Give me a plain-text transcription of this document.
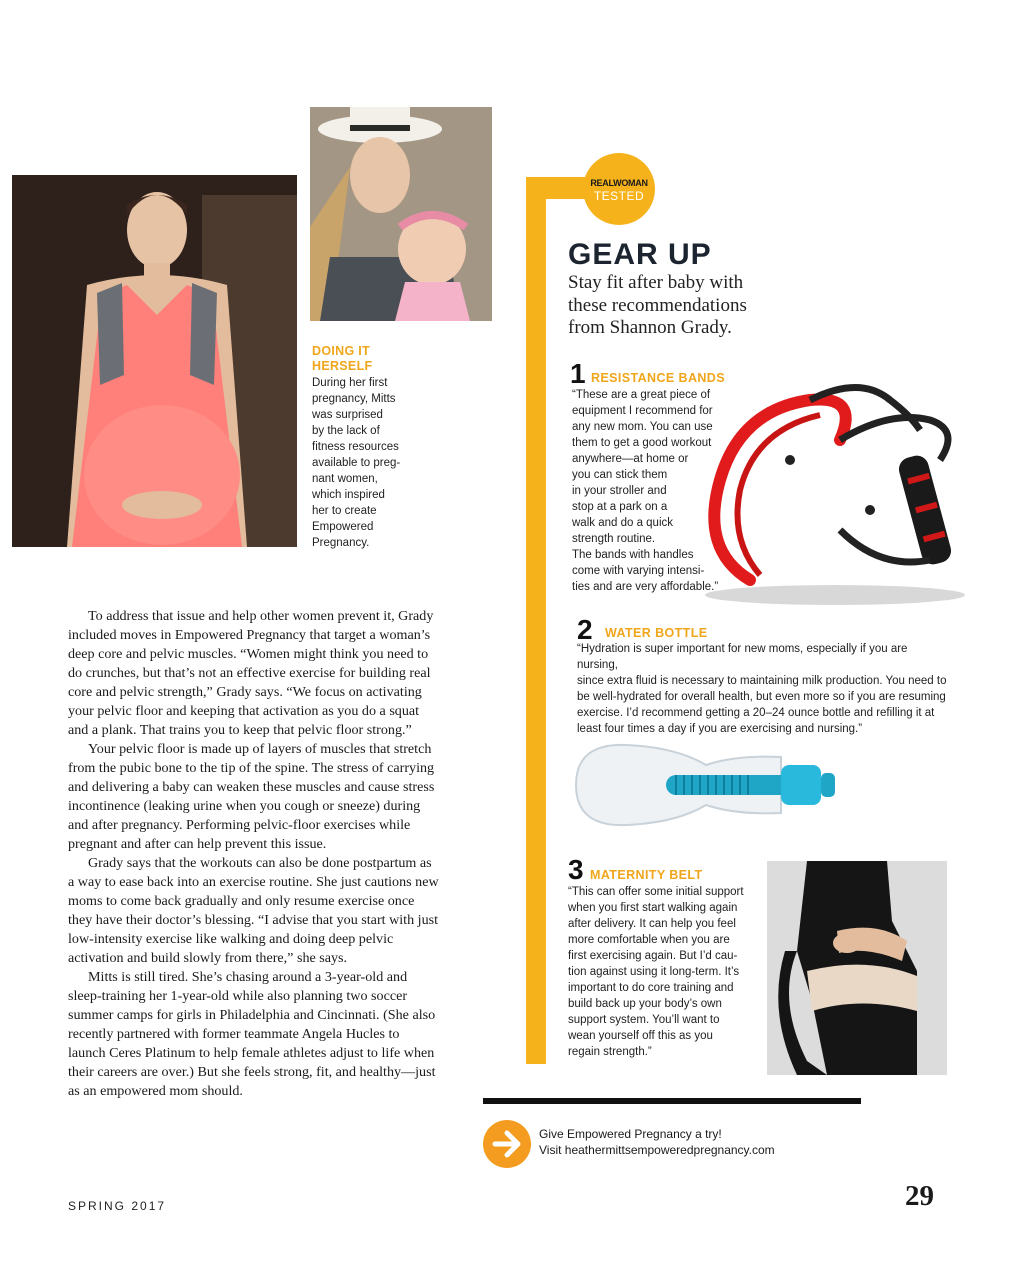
DOING IT
HERSELF
During her first
pregnancy, Mitts
was surprised
by the lack of
fitness resources
available to preg-
nant women,
which inspired
her to create
Empowered
Pregnancy.

To address that issue and help other women prevent it, Grady included moves in Empowered Pregnancy that target a woman’s deep core and pelvic muscles. “Women might think you need to do crunches, but that’s not an effective exercise for building real core and pelvic strength,” Grady says. “We focus on activating your pelvic floor and keeping that activation as you do a squat and a plank. That trains you to keep that pelvic floor strong.”

Your pelvic floor is made up of layers of muscles that stretch from the pubic bone to the tip of the spine. The stress of carrying and delivering a baby can weaken these muscles and cause stress incontinence (leaking urine when you cough or sneeze) during and after pregnancy. Performing pelvic-floor exercises while pregnant and after can help prevent this issue.

Grady says that the workouts can also be done postpartum as a way to ease back into an exercise routine. She just cautions new moms to come back gradually and only resume exercise once they have their doctor’s blessing. “I advise that you start with just low-intensity exercise like walking and doing deep pelvic activation and build slowly from there,” she says.

Mitts is still tired. She’s chasing around a 3-year-old and sleep-training her 1-year-old while also planning two soccer summer camps for girls in Philadelphia and Cincinnati. (She also recently partnered with former teammate Angela Hucles to launch Ceres Platinum to help female athletes adjust to life when their careers are over.) But she feels strong, fit, and healthy—just as an empowered mom should.

SPRING 2017	29
REALWOMAN
TESTED
GEAR UP
Stay fit after baby with
these recommendations
from Shannon Grady.
1 RESISTANCE BANDS
“These are a great piece of
equipment I recommend for
any new mom. You can use
them to get a good workout
anywhere—at home or
you can stick them
in your stroller and
stop at a park on a
walk and do a quick
strength routine.
The bands with handles
come with varying intensi-
ties and are very affordable.”
2 WATER BOTTLE
“Hydration is super important for new moms, especially if you are nursing,
since extra fluid is necessary to maintaining milk production. You need to
be well-hydrated for overall health, but even more so if you are resuming
exercise. I’d recommend getting a 20–24 ounce bottle and refilling it at
least four times a day if you are exercising and nursing.”
3 MATERNITY BELT
“This can offer some initial support
when you first start walking again
after delivery. It can help you feel
more comfortable when you are
first exercising again. But I’d cau-
tion against using it long-term. It’s
important to do core training and
build back up your body’s own
support system. You’ll want to
wean yourself off this as you
regain strength.”
Give Empowered Pregnancy a try!
Visit heathermittsempoweredpregnancy.com
